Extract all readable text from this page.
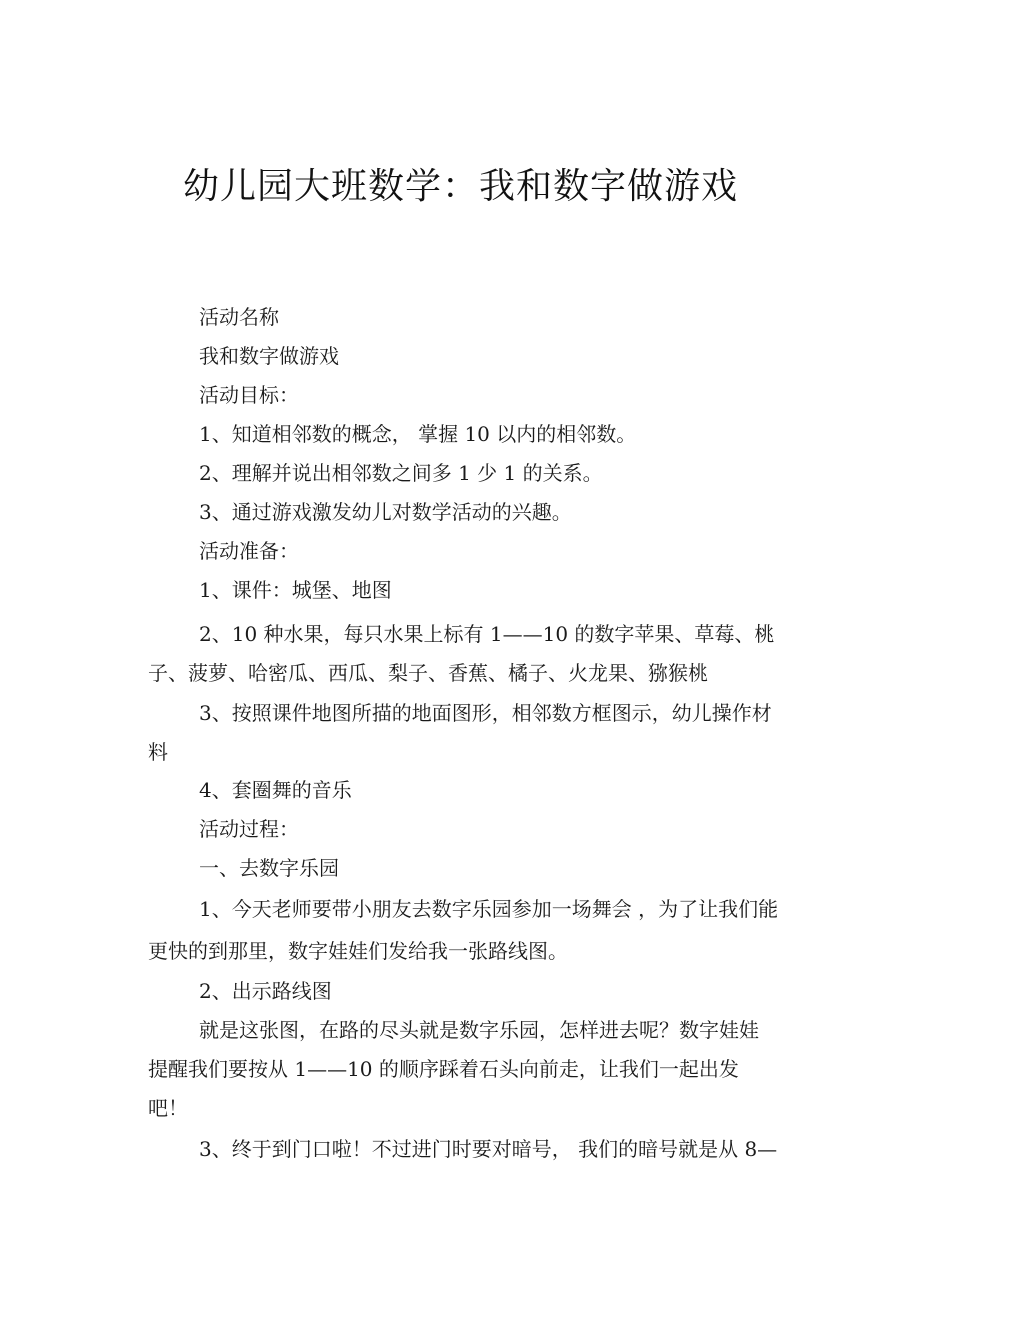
幼儿园大班数学：我和数字做游戏
活动名称
我和数字做游戏
活动目标：
1、知道相邻数的概念， 掌握 10 以内的相邻数。
2、理解并说出相邻数之间多 1 少 1 的关系。
3、通过游戏激发幼儿对数学活动的兴趣。
活动准备：
1、课件：城堡、地图
2、10 种水果，每只水果上标有 1——10 的数字苹果、草莓、桃
子、菠萝、哈密瓜、西瓜、梨子、香蕉、橘子、火龙果、猕猴桃
3、按照课件地图所描的地面图形，相邻数方框图示，幼儿操作材
料
4、套圈舞的音乐
活动过程：
一、去数字乐园
1、今天老师要带小朋友去数字乐园参加一场舞会 ，为了让我们能
更快的到那里，数字娃娃们发给我一张路线图。
2、出示路线图
就是这张图，在路的尽头就是数字乐园，怎样进去呢？数字娃娃
提醒我们要按从 1——10 的顺序踩着石头向前走，让我们一起出发
吧！
3、终于到门口啦！不过进门时要对暗号， 我们的暗号就是从 8—
